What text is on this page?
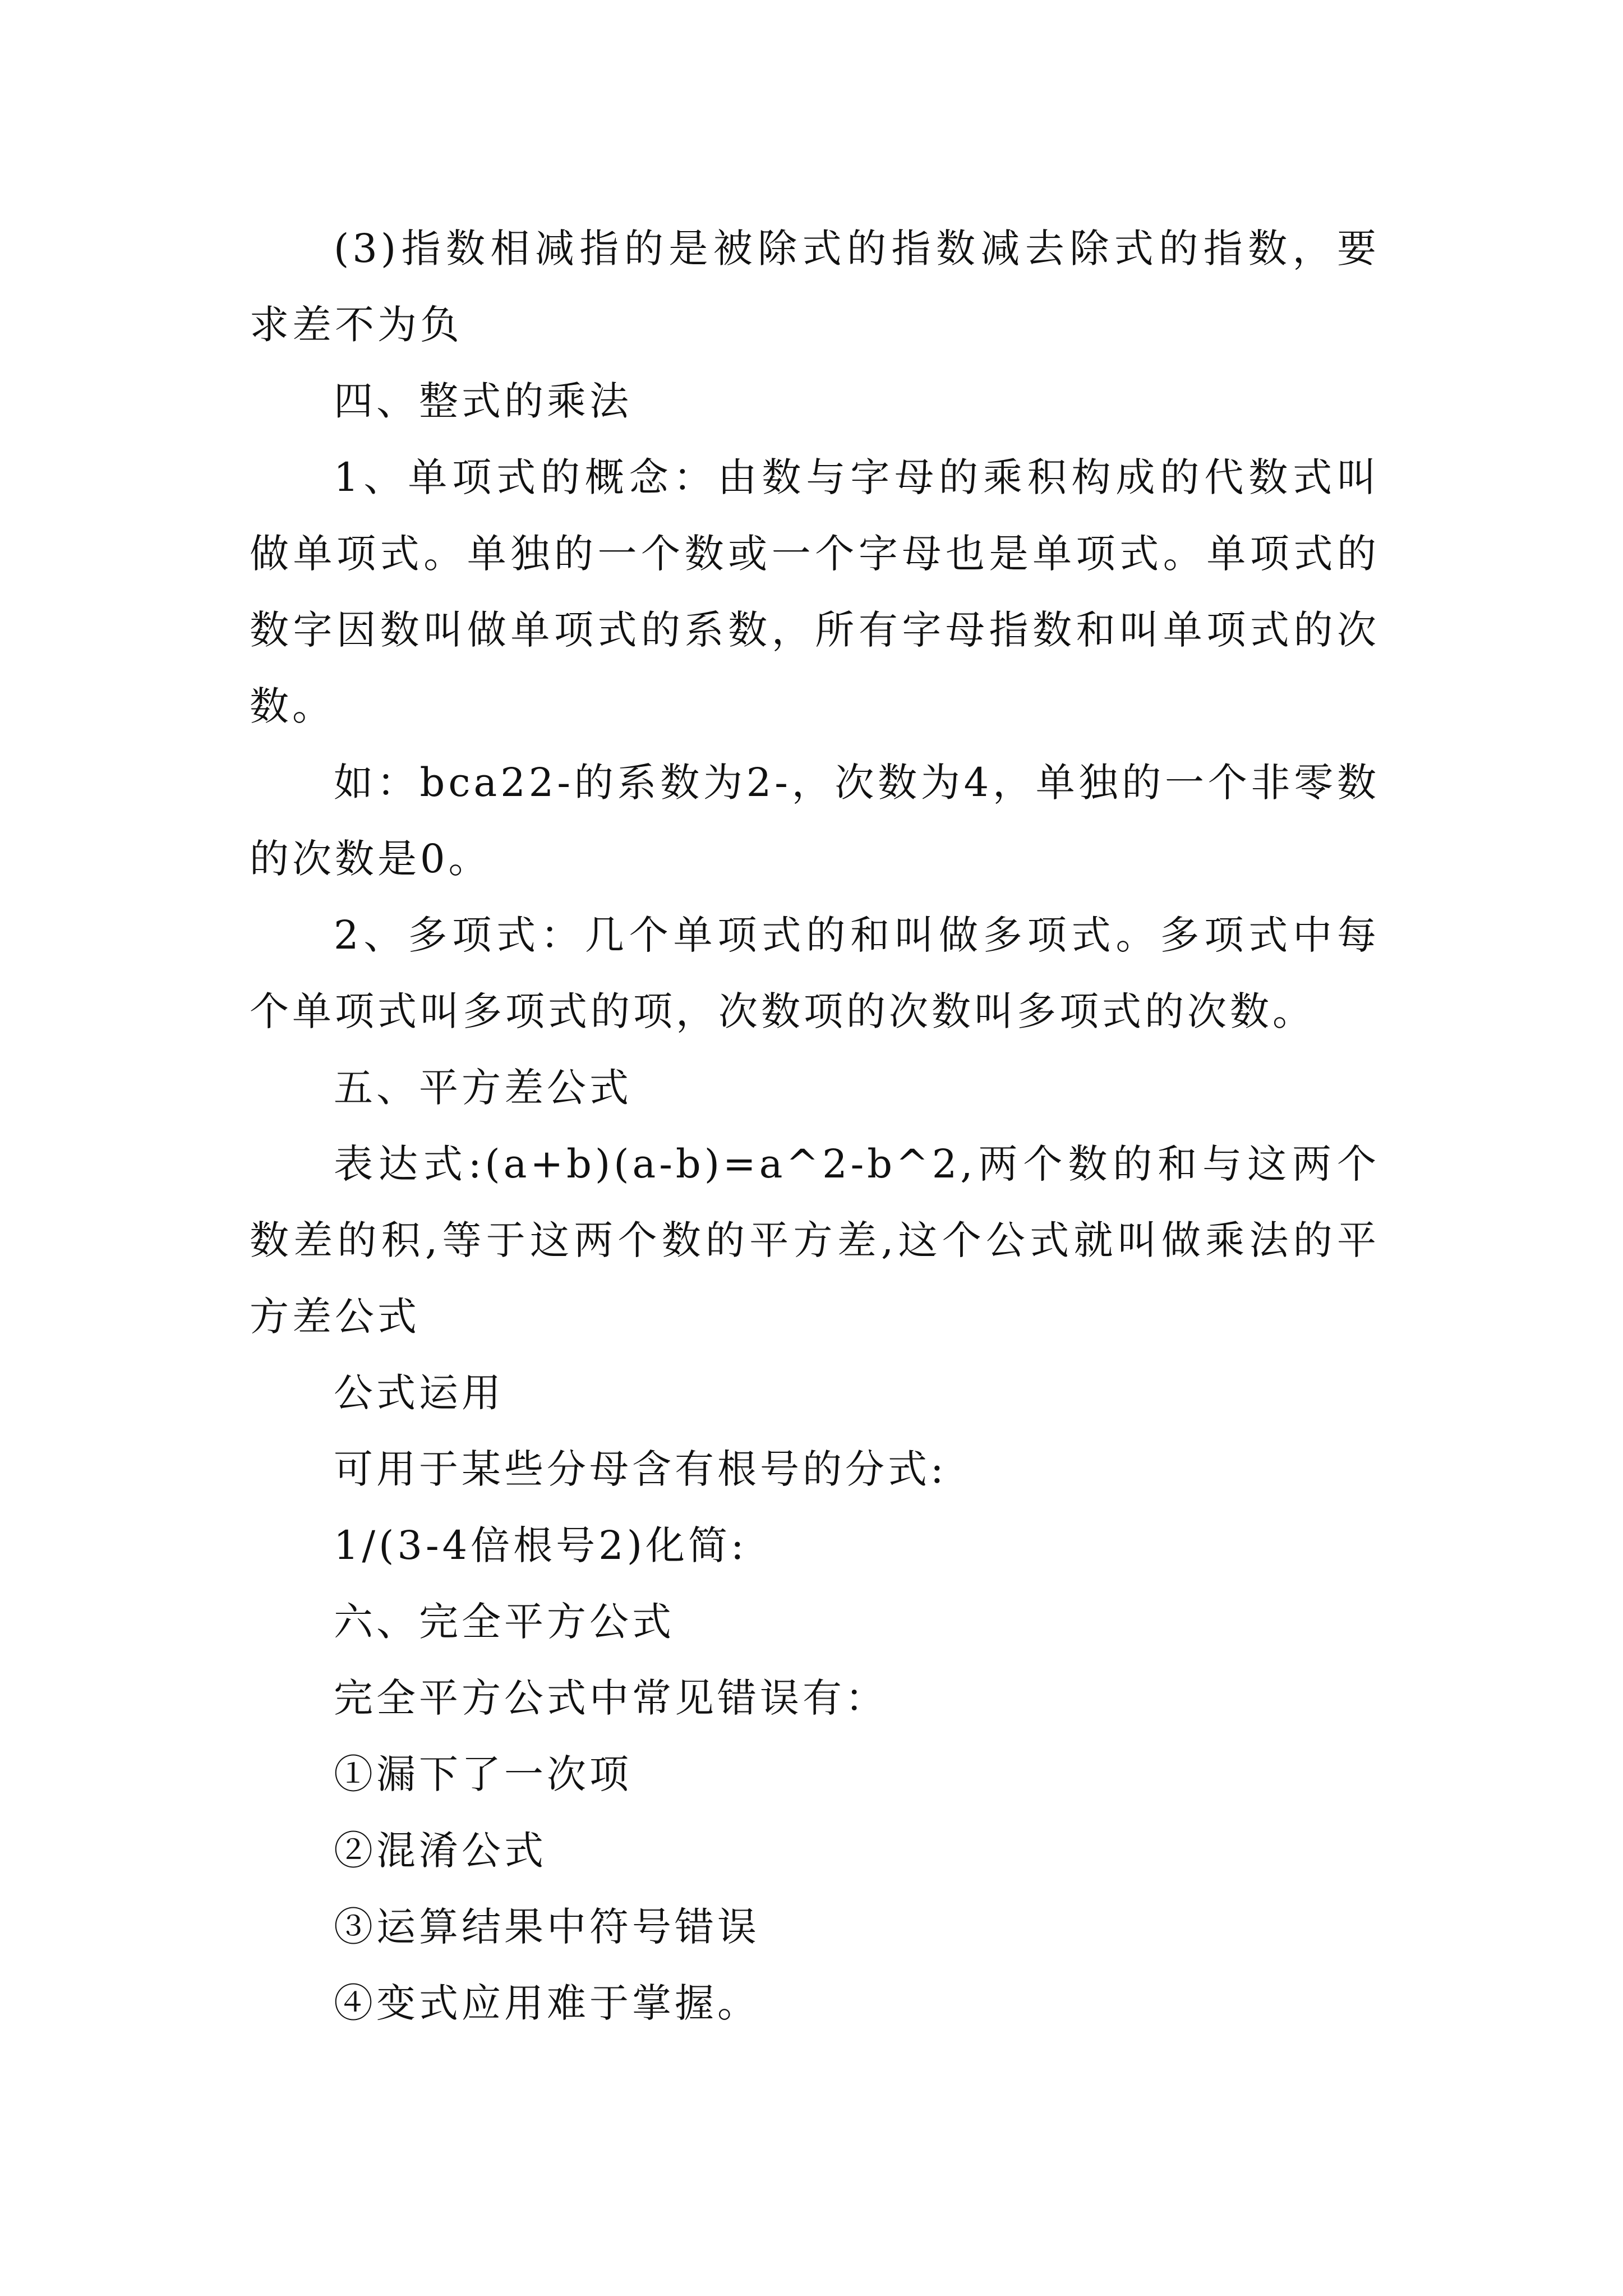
(3)指数相减指的是被除式的指数减去除式的指数，要求差不为负

四、整式的乘法

1、单项式的概念：由数与字母的乘积构成的代数式叫做单项式。单独的一个数或一个字母也是单项式。单项式的数字因数叫做单项式的系数，所有字母指数和叫单项式的次数。

如：bca22-的系数为2-，次数为4，单独的一个非零数的次数是0。

2、多项式：几个单项式的和叫做多项式。多项式中每个单项式叫多项式的项，次数项的次数叫多项式的次数。

五、平方差公式

表达式:(a+b)(a-b)=a^2-b^2,两个数的和与这两个数差的积,等于这两个数的平方差,这个公式就叫做乘法的平方差公式

公式运用

可用于某些分母含有根号的分式:

1/(3-4倍根号2)化简:

六、完全平方公式

完全平方公式中常见错误有：

①漏下了一次项

②混淆公式

③运算结果中符号错误

④变式应用难于掌握。
